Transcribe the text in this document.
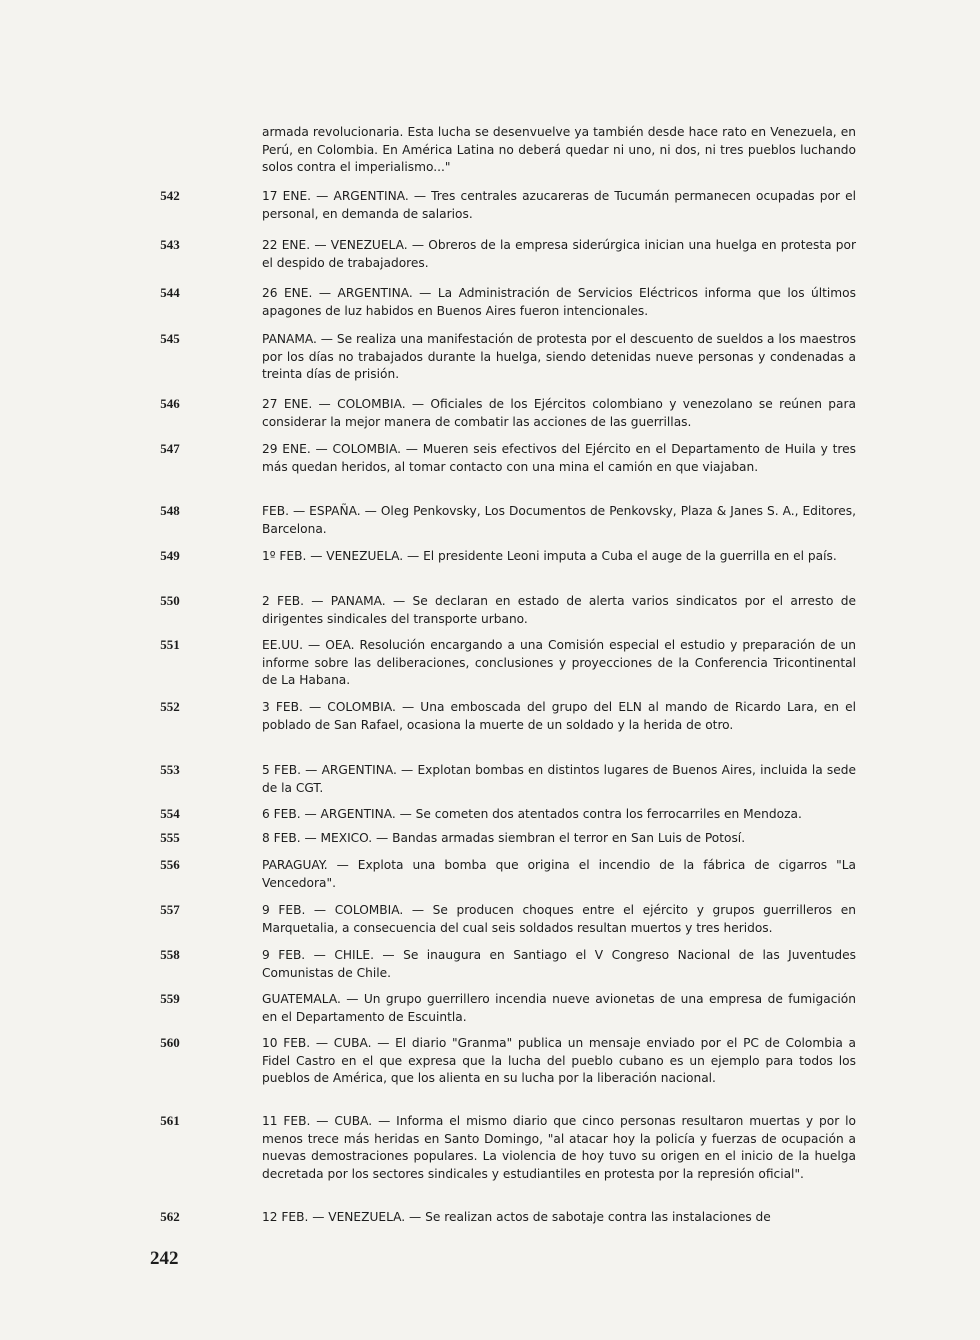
armada revolucionaria. Esta lucha se desenvuelve ya también desde hace rato en Venezuela, en Perú, en Colombia. En América Latina no deberá quedar ni uno, ni dos, ni tres pueblos luchando solos contra el imperialismo..."
542	17 ENE. — ARGENTINA. — Tres centrales azucareras de Tucumán permanecen ocupadas por el personal, en demanda de salarios.
543	22 ENE. — VENEZUELA. — Obreros de la empresa siderúrgica inician una huelga en protesta por el despido de trabajadores.
544	26 ENE. — ARGENTINA. — La Administración de Servicios Eléctricos informa que los últimos apagones de luz habidos en Buenos Aires fueron intencionales.
545	PANAMA. — Se realiza una manifestación de protesta por el descuento de sueldos a los maestros por los días no trabajados durante la huelga, siendo detenidas nueve personas y condenadas a treinta días de prisión.
546	27 ENE. — COLOMBIA. — Oficiales de los Ejércitos colombiano y venezolano se reúnen para considerar la mejor manera de combatir las acciones de las guerrillas.
547	29 ENE. — COLOMBIA. — Mueren seis efectivos del Ejército en el Departamento de Huila y tres más quedan heridos, al tomar contacto con una mina el camión en que viajaban.
548	FEB. — ESPAÑA. — Oleg Penkovsky, Los Documentos de Penkovsky, Plaza & Janes S. A., Editores, Barcelona.
549	1º FEB. — VENEZUELA. — El presidente Leoni imputa a Cuba el auge de la guerrilla en el país.
550	2 FEB. — PANAMA. — Se declaran en estado de alerta varios sindicatos por el arresto de dirigentes sindicales del transporte urbano.
551	EE.UU. — OEA. Resolución encargando a una Comisión especial el estudio y preparación de un informe sobre las deliberaciones, conclusiones y proyecciones de la Conferencia Tricontinental de La Habana.
552	3 FEB. — COLOMBIA. — Una emboscada del grupo del ELN al mando de Ricardo Lara, en el poblado de San Rafael, ocasiona la muerte de un soldado y la herida de otro.
553	5 FEB. — ARGENTINA. — Explotan bombas en distintos lugares de Buenos Aires, incluida la sede de la CGT.
554	6 FEB. — ARGENTINA. — Se cometen dos atentados contra los ferrocarriles en Mendoza.
555	8 FEB. — MEXICO. — Bandas armadas siembran el terror en San Luis de Potosí.
556	PARAGUAY. — Explota una bomba que origina el incendio de la fábrica de cigarros "La Vencedora".
557	9 FEB. — COLOMBIA. — Se producen choques entre el ejército y grupos guerrilleros en Marquetalia, a consecuencia del cual seis soldados resultan muertos y tres heridos.
558	9 FEB. — CHILE. — Se inaugura en Santiago el V Congreso Nacional de las Juventudes Comunistas de Chile.
559	GUATEMALA. — Un grupo guerrillero incendia nueve avionetas de una empresa de fumigación en el Departamento de Escuintla.
560	10 FEB. — CUBA. — El diario "Granma" publica un mensaje enviado por el PC de Colombia a Fidel Castro en el que expresa que la lucha del pueblo cubano es un ejemplo para todos los pueblos de América, que los alienta en su lucha por la liberación nacional.
561	11 FEB. — CUBA. — Informa el mismo diario que cinco personas resultaron muertas y por lo menos trece más heridas en Santo Domingo, "al atacar hoy la policía y fuerzas de ocupación a nuevas demostraciones populares. La violencia de hoy tuvo su origen en el inicio de la huelga decretada por los sectores sindicales y estudiantiles en protesta por la represión oficial".
562	12 FEB. — VENEZUELA. — Se realizan actos de sabotaje contra las instalaciones de
242
